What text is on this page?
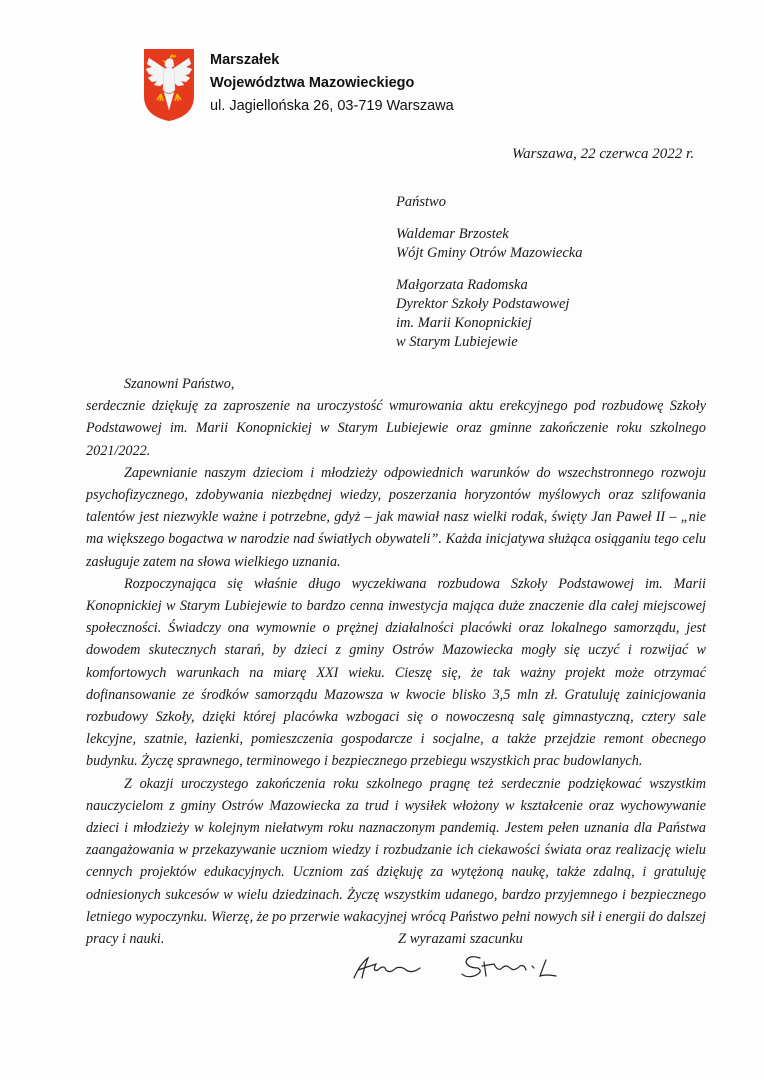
Marszałek
Województwa Mazowieckiego
ul. Jagiellońska 26, 03-719 Warszawa
Warszawa, 22 czerwca 2022 r.
Państwo
Waldemar Brzostek
Wójt Gminy Otrów Mazowiecka
Małgorzata Radomska
Dyrektor Szkoły Podstawowej
im. Marii Konopnickiej
w Starym Lubiejewie

Szanowni Państwo,

serdecznie dziękuję za zaproszenie na uroczystość wmurowania aktu erekcyjnego pod rozbudowę Szkoły Podstawowej im. Marii Konopnickiej w Starym Lubiejewie oraz gminne zakończenie roku szkolnego 2021/2022.

Zapewnianie naszym dzieciom i młodzieży odpowiednich warunków do wszechstronnego rozwoju psychofizycznego, zdobywania niezbędnej wiedzy, poszerzania horyzontów myślowych oraz szlifowania talentów jest niezwykle ważne i potrzebne, gdyż – jak mawiał nasz wielki rodak, święty Jan Paweł II – „nie ma większego bogactwa w narodzie nad światłych obywateli”. Każda inicjatywa służąca osiąganiu tego celu zasługuje zatem na słowa wielkiego uznania.

Rozpoczynająca się właśnie długo wyczekiwana rozbudowa Szkoły Podstawowej im. Marii Konopnickiej w Starym Lubiejewie to bardzo cenna inwestycja mająca duże znaczenie dla całej miejscowej społeczności. Świadczy ona wymownie o prężnej działalności placówki oraz lokalnego samorządu, jest dowodem skutecznych starań, by dzieci z gminy Ostrów Mazowiecka mogły się uczyć i rozwijać w komfortowych warunkach na miarę XXI wieku. Cieszę się, że tak ważny projekt może otrzymać dofinansowanie ze środków samorządu Mazowsza w kwocie blisko 3,5 mln zł. Gratuluję zainicjowania rozbudowy Szkoły, dzięki której placówka wzbogaci się o nowoczesną salę gimnastyczną, cztery sale lekcyjne, szatnie, łazienki, pomieszczenia gospodarcze i socjalne, a także przejdzie remont obecnego budynku. Życzę sprawnego, terminowego i bezpiecznego przebiegu wszystkich prac budowlanych.

Z okazji uroczystego zakończenia roku szkolnego pragnę też serdecznie podziękować wszystkim nauczycielom z gminy Ostrów Mazowiecka za trud i wysiłek włożony w kształcenie oraz wychowywanie dzieci i młodzieży w kolejnym niełatwym roku naznaczonym pandemią. Jestem pełen uznania dla Państwa zaangażowania w przekazywanie uczniom wiedzy i rozbudzanie ich ciekawości świata oraz realizację wielu cennych projektów edukacyjnych. Uczniom zaś dziękuję za wytężoną naukę, także zdalną, i gratuluję odniesionych sukcesów w wielu dziedzinach. Życzę wszystkim udanego, bardzo przyjemnego i bezpiecznego letniego wypoczynku. Wierzę, że po przerwie wakacyjnej wrócą Państwo pełni nowych sił i energii do dalszej pracy i nauki.	Z wyrazami szacunku
